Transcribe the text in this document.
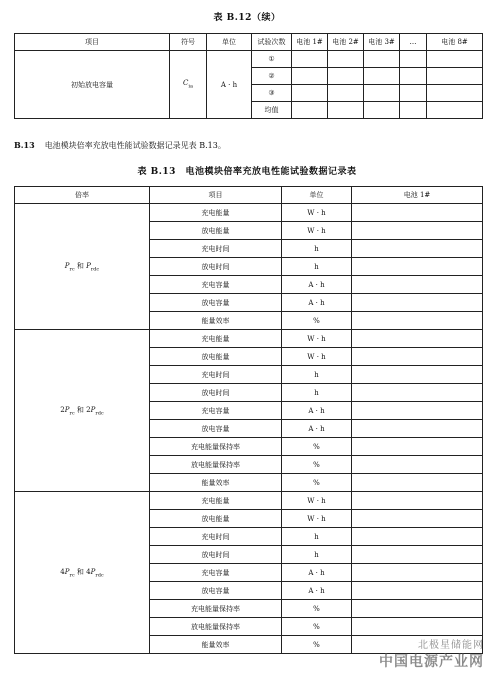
表 B.12（续）
项目	符号	单位	试验次数	电池 1#	电池 2#	电池 3#	…	电池 8#
初始放电容量	$C_{ia}$	A · h	①					
			②					
			③					
			均值					
B.13 电池模块倍率充放电性能试验数据记录见表 B.13。
表 B.13　电池模块倍率充放电性能试验数据记录表
倍率	项目	单位	电池 1#
$P_{rc}$ 和 $P_{rdc}$	充电能量	W · h	
	放电能量	W · h	
	充电时间	h	
	放电时间	h	
	充电容量	A · h	
	放电容量	A · h	
	能量效率	%	
$2P_{rc}$ 和 $2P_{rdc}$	充电能量	W · h	
	放电能量	W · h	
	充电时间	h	
	放电时间	h	
	充电容量	A · h	
	放电容量	A · h	
	充电能量保持率	%	
	放电能量保持率	%	
	能量效率	%	
$4P_{rc}$ 和 $4P_{rdc}$	充电能量	W · h	
	放电能量	W · h	
	充电时间	h	
	放电时间	h	
	充电容量	A · h	
	放电容量	A · h	
	充电能量保持率	%	
	放电能量保持率	%	
	能量效率	%		北极星储能网
中国电源产业网
